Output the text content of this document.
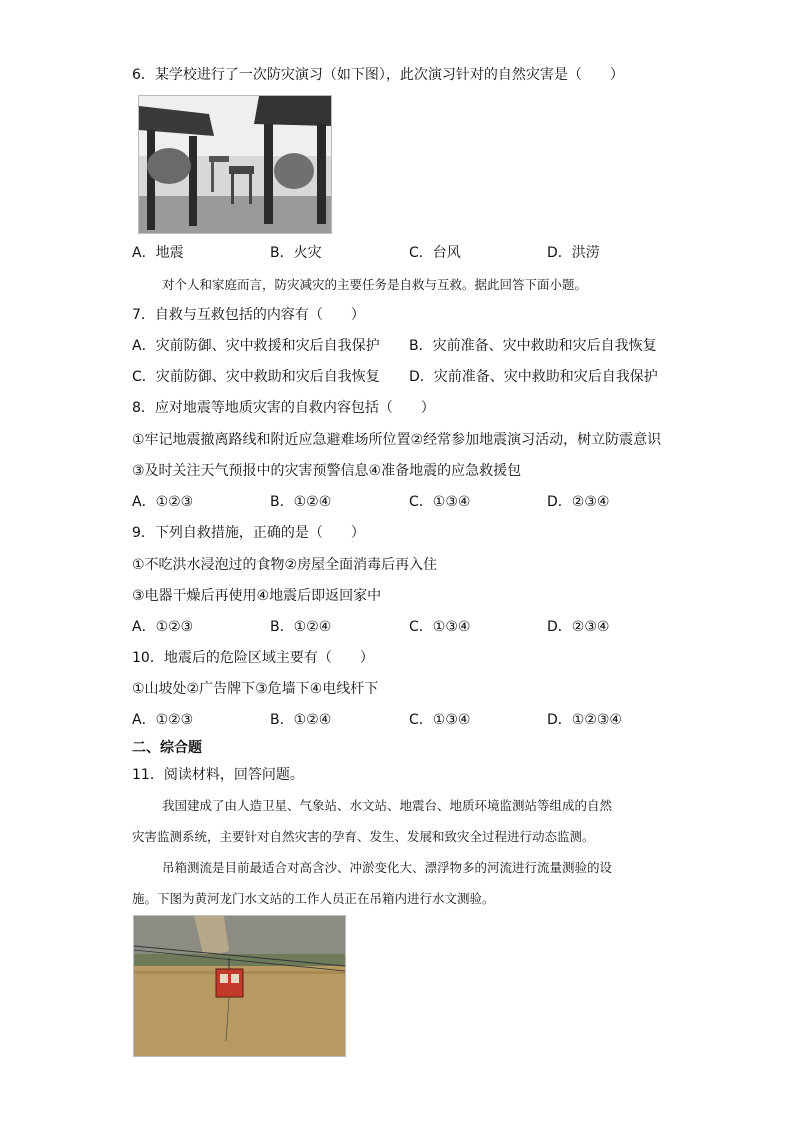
6．某学校进行了一次防灾演习（如下图），此次演习针对的自然灾害是（　　）
A．地震	B．火灾	C．台风	D．洪涝
对个人和家庭而言，防灾减灾的主要任务是自救与互救。据此回答下面小题。
7．自救与互救包括的内容有（　　）
A．灾前防御、灾中救援和灾后自我保护 B．灾前准备、灾中救助和灾后自我恢复
C．灾前防御、灾中救助和灾后自我恢复 D．灾前准备、灾中救助和灾后自我保护
8．应对地震等地质灾害的自救内容包括（　　）
①牢记地震撤离路线和附近应急避难场所位置②经常参加地震演习活动，树立防震意识
③及时关注天气预报中的灾害预警信息④准备地震的应急救援包
A．①②③	B．①②④	C．①③④	D．②③④
9．下列自救措施，正确的是（　　）
①不吃洪水浸泡过的食物②房屋全面消毒后再入住
③电器干燥后再使用④地震后即返回家中
A．①②③	B．①②④	C．①③④	D．②③④
10．地震后的危险区域主要有（　　）
①山坡处②广告牌下③危墙下④电线杆下
A．①②③	B．①②④	C．①③④	D．①②③④
二、综合题
11．阅读材料，回答问题。
我国建成了由人造卫星、气象站、水文站、地震台、地质环境监测站等组成的自然
灾害监测系统，主要针对自然灾害的孕育、发生、发展和致灾全过程进行动态监测。
吊箱测流是目前最适合对高含沙、冲淤变化大、漂浮物多的河流进行流量测验的设
施。下图为黄河龙门水文站的工作人员正在吊箱内进行水文测验。
